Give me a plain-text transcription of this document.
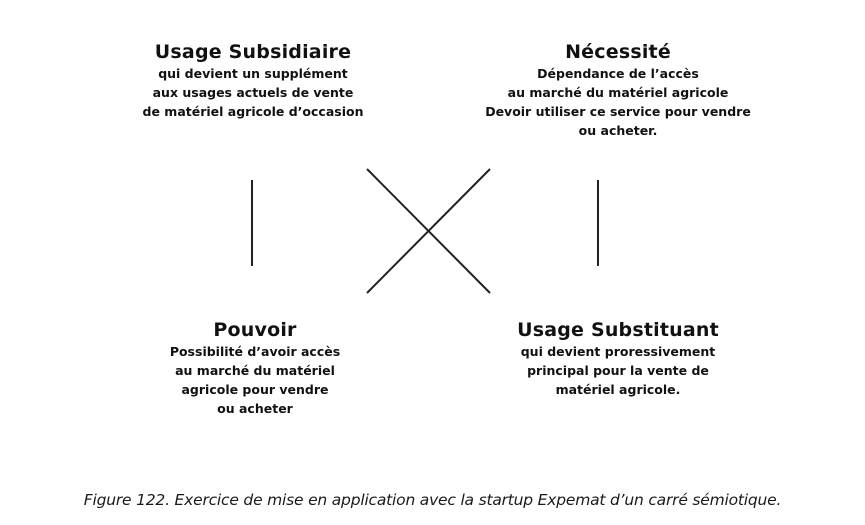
Usage Subsidiaire
qui devient un supplément
aux usages actuels de vente
de matériel agricole d’occasion
Nécessité
Dépendance de l’accès
au marché du matériel agricole
Devoir utiliser ce service pour vendre
ou acheter.
Pouvoir
Possibilité d’avoir accès
au marché du matériel
agricole pour vendre
ou acheter
Usage Substituant
qui devient proressivement
principal pour la vente de
matériel agricole.
Figure 122. Exercice de mise en application avec la startup Expemat d’un carré sémiotique.
